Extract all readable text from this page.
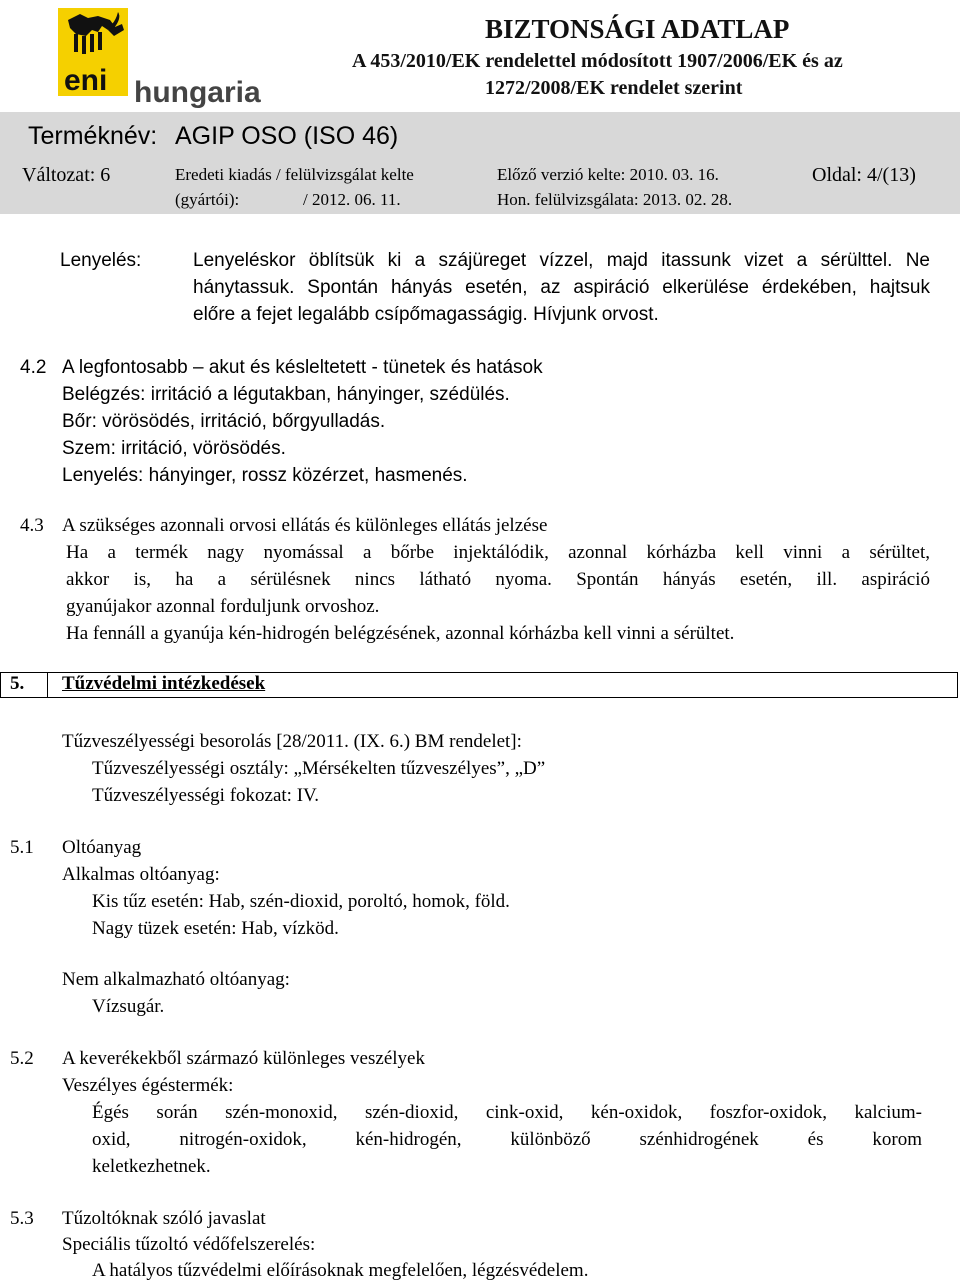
eni hungaria
BIZTONSÁGI ADATLAP
A 453/2010/EK rendelettel módosított 1907/2006/EK és az
1272/2008/EK rendelet szerint
Terméknév: AGIP OSO (ISO 46)
Változat: 6	Eredeti kiadás / felülvizsgálat kelte
(gyártói):	/ 2012. 06. 11.
Előző verzió kelte: 2010. 03. 16.
Hon. felülvizsgálata: 2013. 02. 28.
Oldal: 4/(13)
Lenyelés:	Lenyeléskor öblítsük ki a szájüreget vízzel, majd itassunk vizet a sérülttel. Ne
hánytassuk. Spontán hányás esetén, az aspiráció elkerülése érdekében, hajtsuk
előre a fejet legalább csípőmagasságig. Hívjunk orvost.
4.2 A legfontosabb – akut és késleltetett - tünetek és hatások
Belégzés: irritáció a légutakban, hányinger, szédülés.
Bőr: vörösödés, irritáció, bőrgyulladás.
Szem: irritáció, vörösödés.
Lenyelés: hányinger, rossz közérzet, hasmenés.
4.3 A szükséges azonnali orvosi ellátás és különleges ellátás jelzése
Ha a termék nagy nyomással a bőrbe injektálódik, azonnal kórházba kell vinni a sérültet,
akkor is, ha a sérülésnek nincs látható nyoma. Spontán hányás esetén, ill. aspiráció
gyanújakor azonnal forduljunk orvoshoz.
Ha fennáll a gyanúja kén-hidrogén belégzésének, azonnal kórházba kell vinni a sérültet.
5. Tűzvédelmi intézkedések
Tűzveszélyességi besorolás [28/2011. (IX. 6.) BM rendelet]:
Tűzveszélyességi osztály: „Mérsékelten tűzveszélyes”, „D”
Tűzveszélyességi fokozat: IV.
5.1 Oltóanyag
Alkalmas oltóanyag:
Kis tűz esetén: Hab, szén-dioxid, poroltó, homok, föld.
Nagy tüzek esetén: Hab, vízköd.
Nem alkalmazható oltóanyag:
Vízsugár.
5.2 A keverékekből származó különleges veszélyek
Veszélyes égéstermék:
Égés során szén-monoxid, szén-dioxid, cink-oxid, kén-oxidok, foszfor-oxidok, kalcium-
oxid, nitrogén-oxidok, kén-hidrogén, különböző szénhidrogének és korom
keletkezhetnek.
5.3 Tűzoltóknak szóló javaslat
Speciális tűzoltó védőfelszerelés:
A hatályos tűzvédelmi előírásoknak megfelelően, légzésvédelem.
